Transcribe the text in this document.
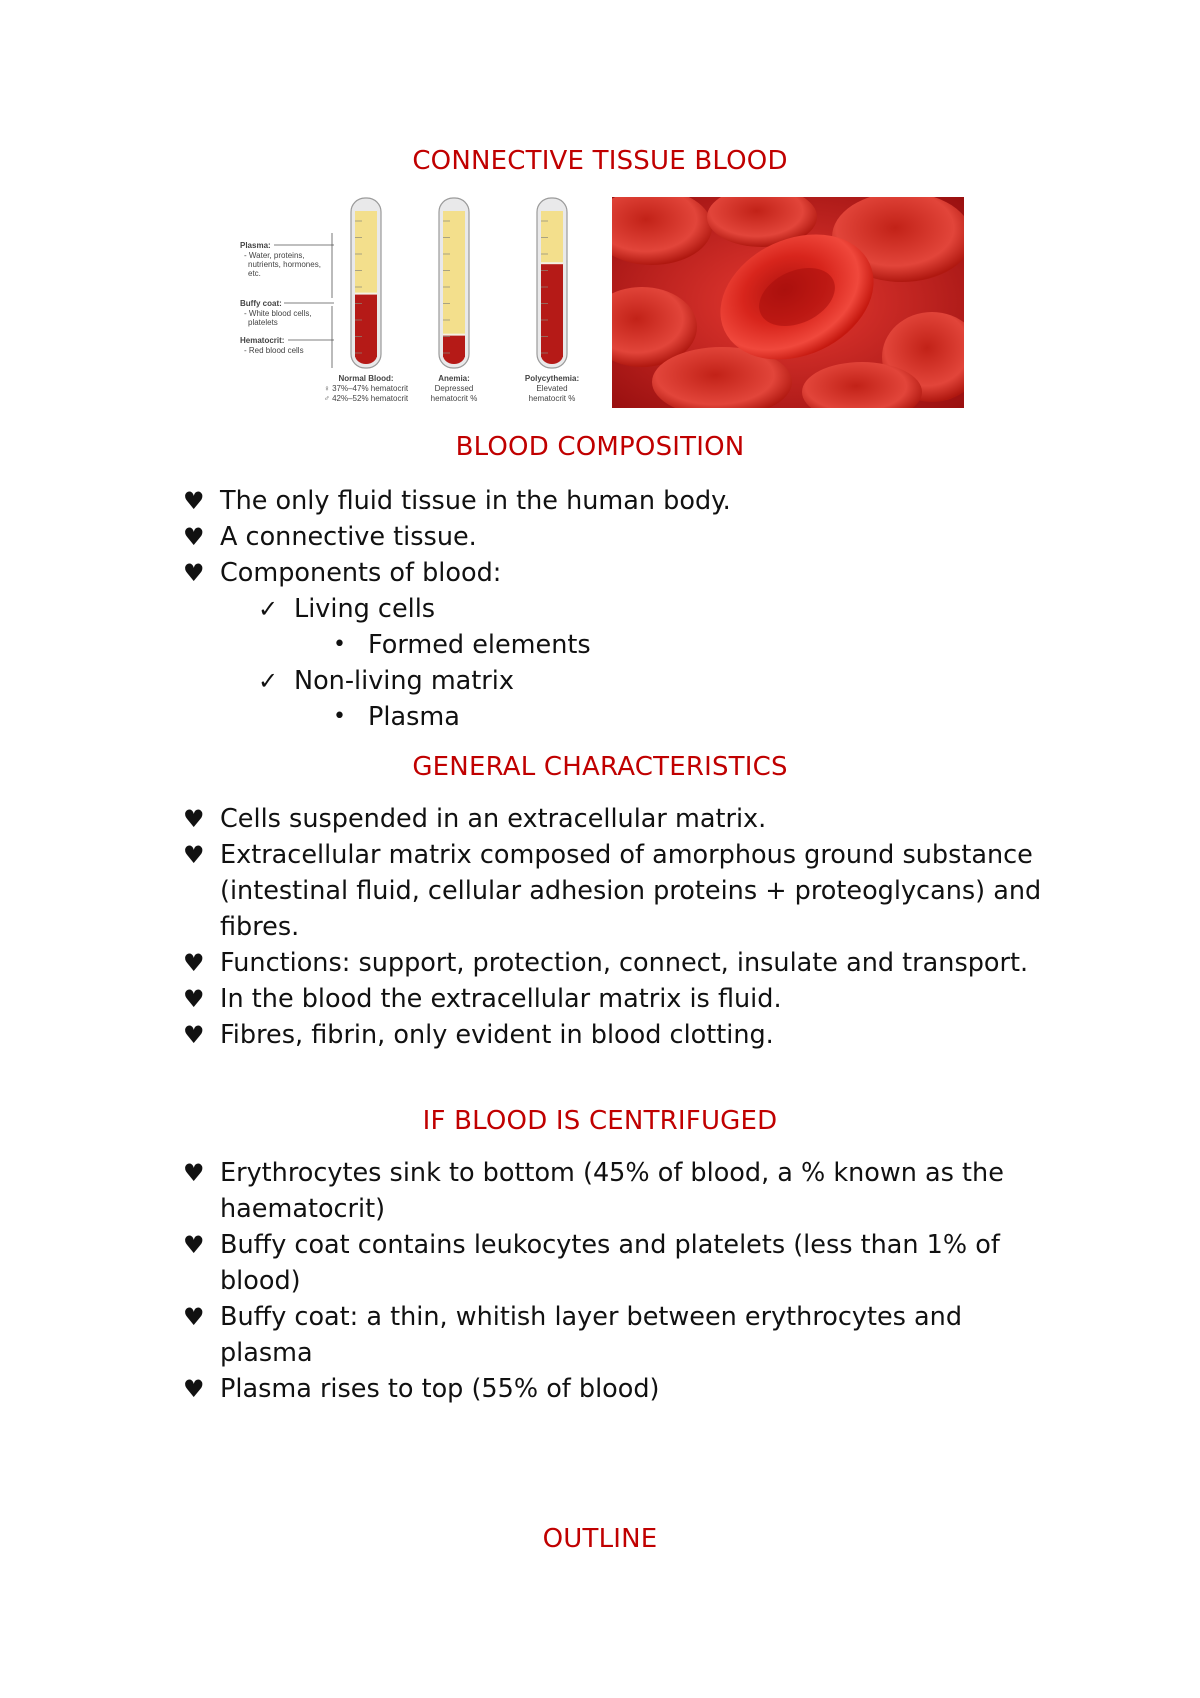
CONNECTIVE TISSUE BLOOD
Plasma:
- Water, proteins,
nutrients, hormones,
etc.
Buffy coat:
- White blood cells,
platelets
Hematocrit:
- Red blood cells
Normal Blood:
♀ 37%–47% hematocrit
♂ 42%–52% hematocrit
Anemia:
Depressed
hematocrit %
Polycythemia:
Elevated
hematocrit %
BLOOD COMPOSITION
♥ The only fluid tissue in the human body.
♥ A connective tissue.
♥ Components of blood:
✓ Living cells
• Formed elements
✓ Non-living matrix
• Plasma
GENERAL CHARACTERISTICS
♥ Cells suspended in an extracellular matrix.
♥ Extracellular matrix composed of amorphous ground substance (intestinal fluid, cellular adhesion proteins + proteoglycans) and fibres.
♥ Functions: support, protection, connect, insulate and transport.
♥ In the blood the extracellular matrix is fluid.
♥ Fibres, fibrin, only evident in blood clotting.
IF BLOOD IS CENTRIFUGED
♥ Erythrocytes sink to bottom (45% of blood, a % known as the haematocrit)
♥ Buffy coat contains leukocytes and platelets (less than 1% of blood)
♥ Buffy coat: a thin, whitish layer between erythrocytes and plasma
♥ Plasma rises to top (55% of blood)
OUTLINE
